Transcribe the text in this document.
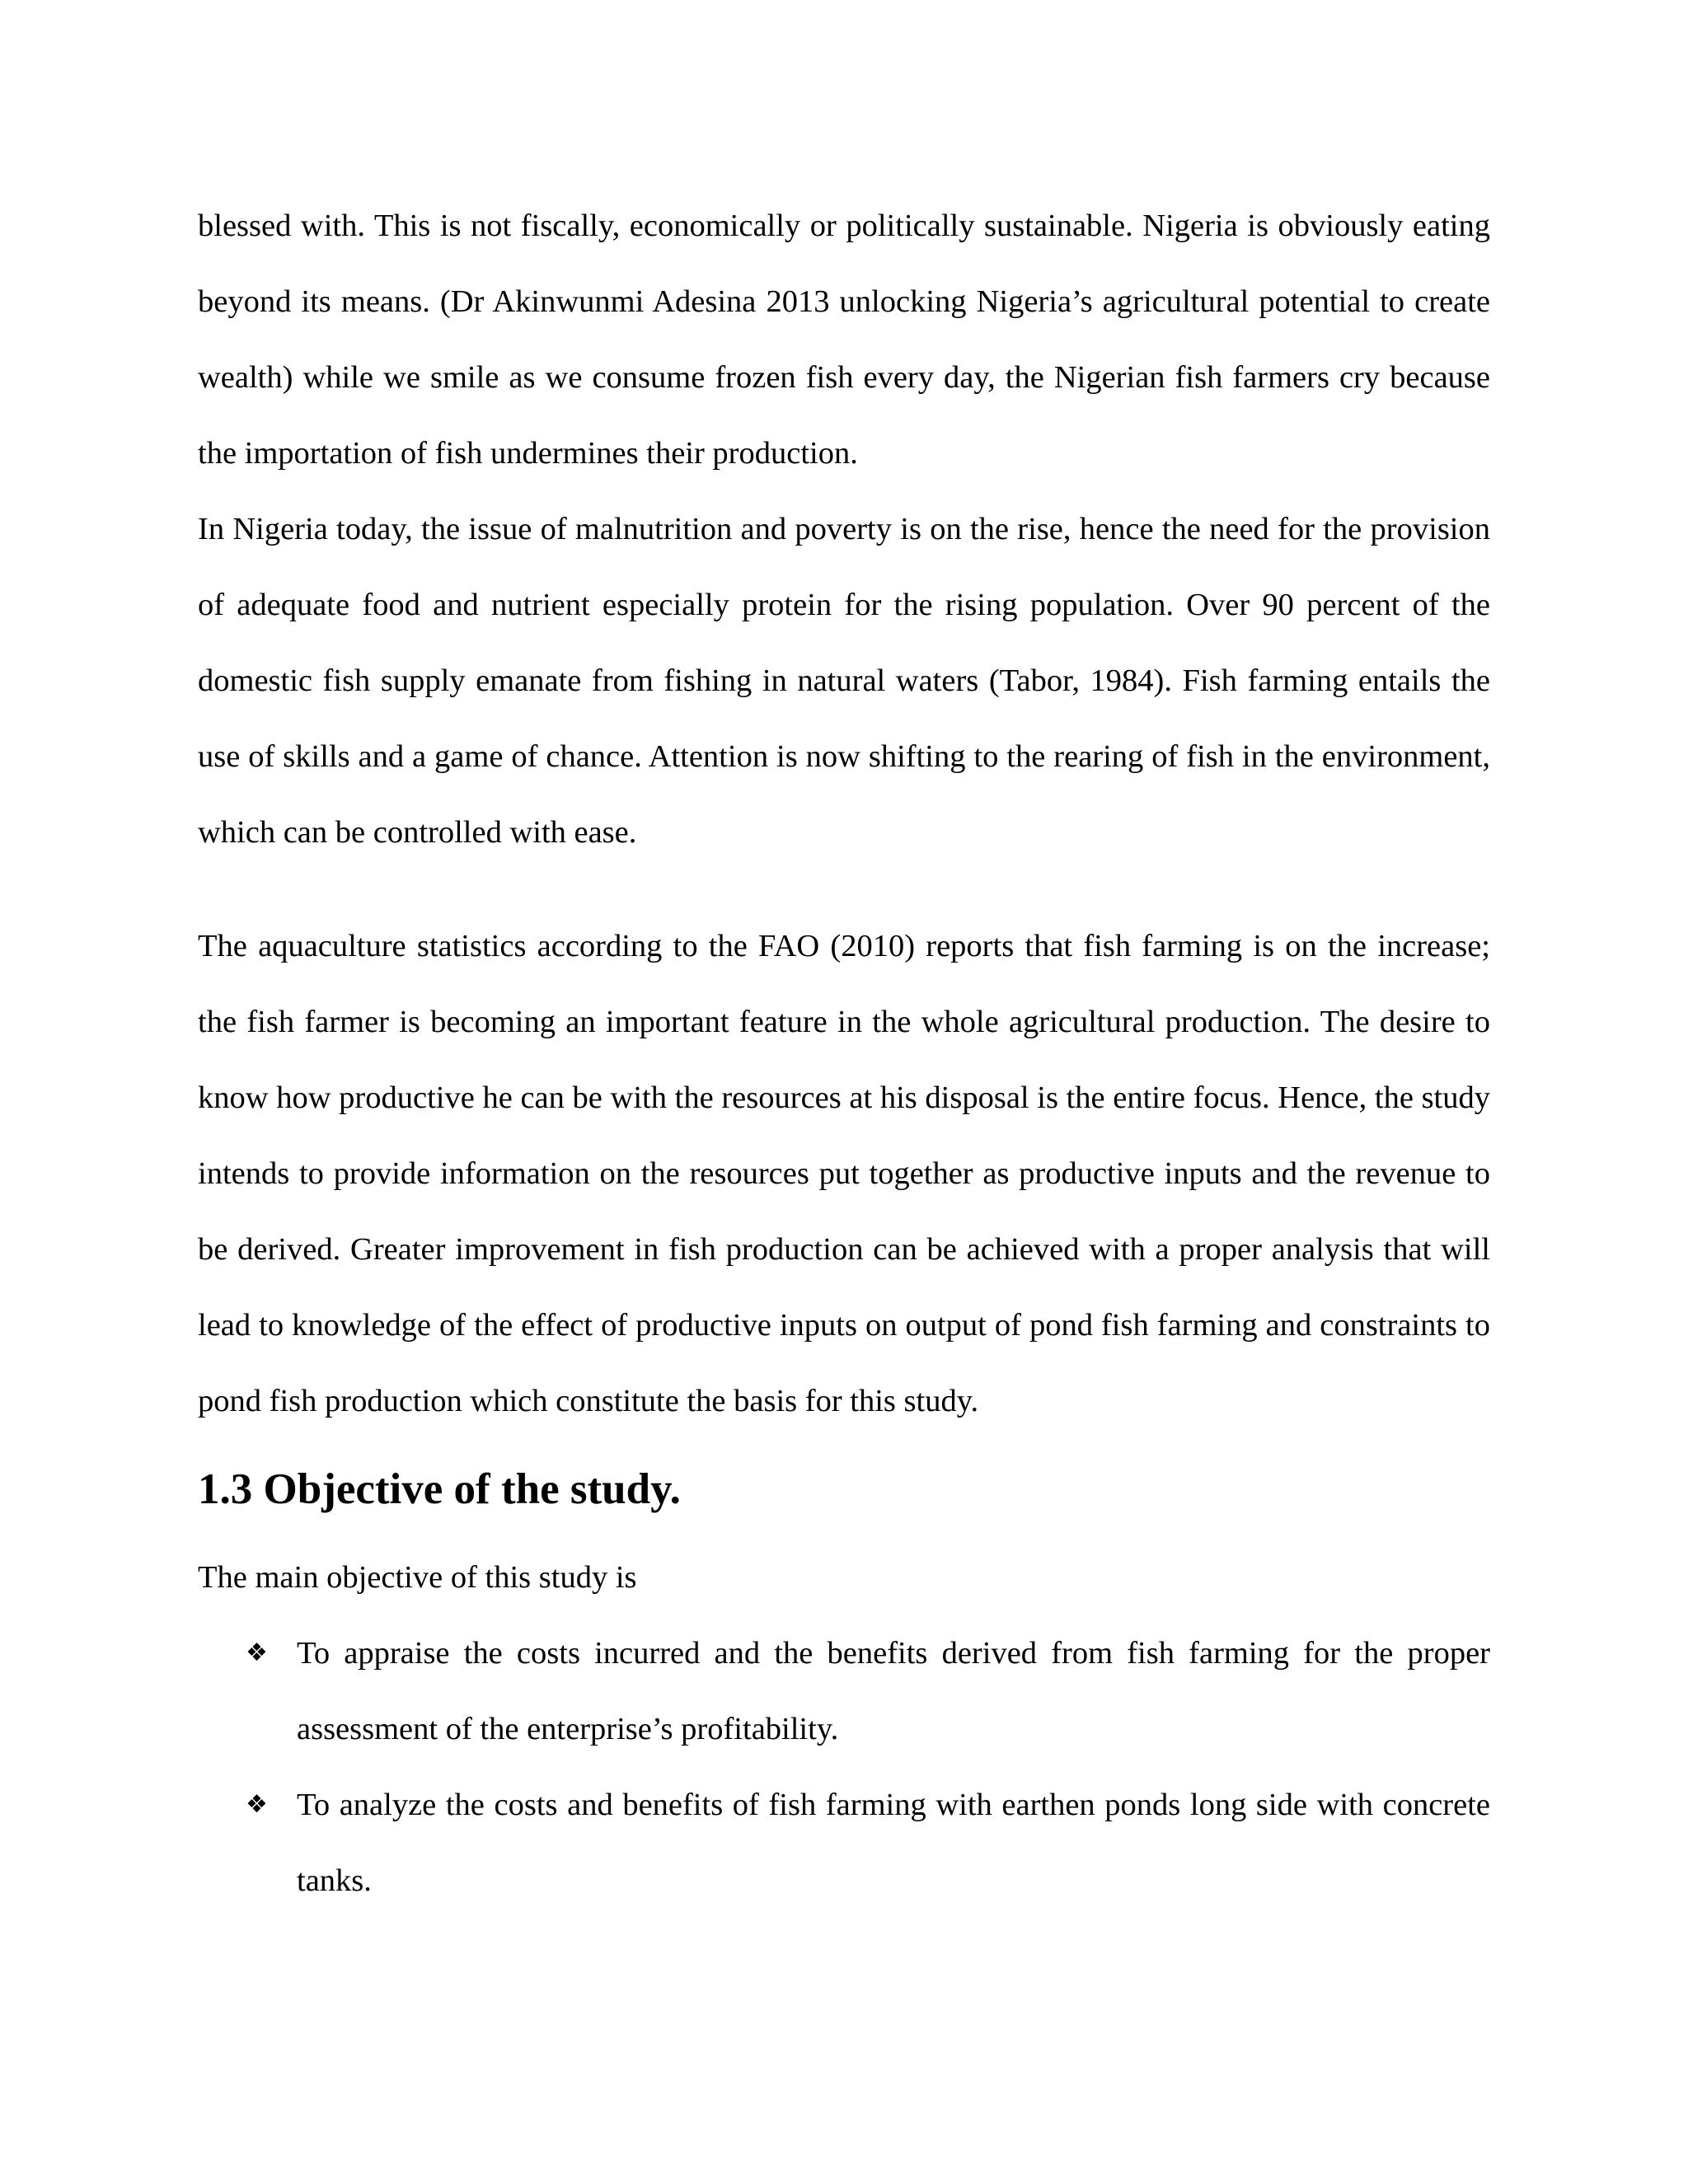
blessed with. This is not fiscally, economically or politically sustainable. Nigeria is obviously eating beyond its means. (Dr Akinwunmi Adesina 2013 unlocking Nigeria’s agricultural potential to create wealth) while we smile as we consume frozen fish every day, the Nigerian fish farmers cry because the importation of fish undermines their production.

In Nigeria today, the issue of malnutrition and poverty is on the rise, hence the need for the provision of adequate food and nutrient especially protein for the rising population. Over 90 percent of the domestic fish supply emanate from fishing in natural waters (Tabor, 1984). Fish farming entails the use of skills and a game of chance. Attention is now shifting to the rearing of fish in the environment, which can be controlled with ease.

The aquaculture statistics according to the FAO (2010) reports that fish farming is on the increase; the fish farmer is becoming an important feature in the whole agricultural production. The desire to know how productive he can be with the resources at his disposal is the entire focus. Hence, the study intends to provide information on the resources put together as productive inputs and the revenue to be derived. Greater improvement in fish production can be achieved with a proper analysis that will lead to knowledge of the effect of productive inputs on output of pond fish farming and constraints to pond fish production which constitute the basis for this study.

1.3 Objective of the study.

The main objective of this study is

❖ To appraise the costs incurred and the benefits derived from fish farming for the proper assessment of the enterprise’s profitability.

❖ To analyze the costs and benefits of fish farming with earthen ponds long side with concrete tanks.
